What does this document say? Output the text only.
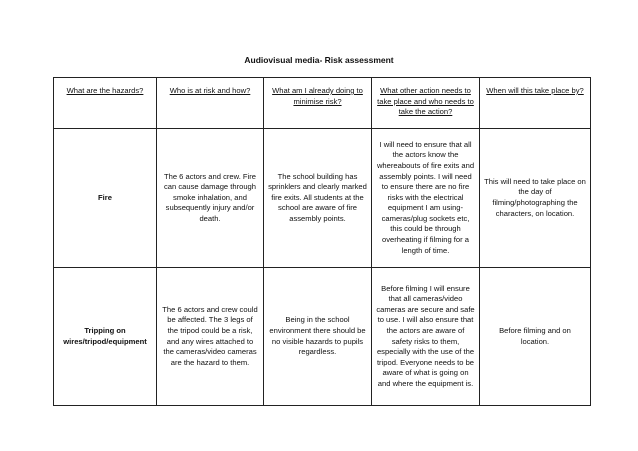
Audiovisual media- Risk assessment
What are the hazards?	Who is at risk and how?	What am I already doing to minimise risk?	What other action needs to take place and who needs to take the action?	When will this take place by?
Fire	The 6 actors and crew. Fire can cause damage through smoke inhalation, and subsequently injury and/or death.	The school building has sprinklers and clearly marked fire exits. All students at the school are aware of fire assembly points.	I will need to ensure that all the actors know the whereabouts of fire exits and assembly points. I will need to ensure there are no fire risks with the electrical equipment I am using- cameras/plug sockets etc, this could be through overheating if filming for a length of time.	This will need to take place on the day of filming/photographing the characters, on location.
Tripping on wires/tripod/equipment	The 6 actors and crew could be affected. The 3 legs of the tripod could be a risk, and any wires attached to the cameras/video cameras are the hazard to them.	Being in the school environment there should be no visible hazards to pupils regardless.	Before filming I will ensure that all cameras/video cameras are secure and safe to use. I will also ensure that the actors are aware of safety risks to them, especially with the use of the tripod. Everyone needs to be aware of what is going on and where the equipment is.	Before filming and on location.
